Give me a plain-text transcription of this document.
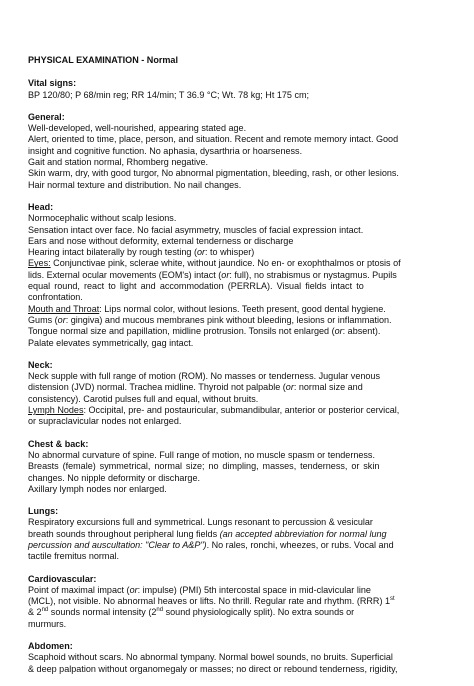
PHYSICAL EXAMINATION - Normal

Vital signs:

BP 120/80; P 68/min reg; RR 14/min; T 36.9 °C; Wt. 78 kg; Ht 175 cm;

General:

Well-developed, well-nourished, appearing stated age.

Alert, oriented to time, place, person, and situation. Recent and remote memory intact. Good

insight and cognitive function. No aphasia, dysarthria or hoarseness.

Gait and station normal, Rhomberg negative.

Skin warm, dry, with good turgor, No abnormal pigmentation, bleeding, rash, or other lesions.

Hair normal texture and distribution. No nail changes.

Head:

Normocephalic without scalp lesions.

Sensation intact over face. No facial asymmetry, muscles of facial expression intact.

Ears and nose without deformity, external tenderness or discharge

Hearing intact bilaterally by rough testing (or: to whisper)

Eyes: Conjunctivae pink, sclerae white, without jaundice. No en- or exophthalmos or ptosis of

lids. External ocular movements (EOM's) intact (or: full), no strabismus or nystagmus. Pupils

equal round, react to light and accommodation (PERRLA). Visual fields intact to

confrontation.

Mouth and Throat: Lips normal color, without lesions. Teeth present, good dental hygiene.

Gums (or: gingiva) and mucous membranes pink without bleeding, lesions or inflammation.

Tongue normal size and papillation, midline protrusion. Tonsils not enlarged (or: absent).

Palate elevates symmetrically, gag intact.

Neck:

Neck supple with full range of motion (ROM). No masses or tenderness. Jugular venous

distension (JVD) normal. Trachea midline. Thyroid not palpable (or: normal size and

consistency). Carotid pulses full and equal, without bruits.

Lymph Nodes: Occipital, pre- and postauricular, submandibular, anterior or posterior cervical,

or supraclavicular nodes not enlarged.

Chest & back:

No abnormal curvature of spine. Full range of motion, no muscle spasm or tenderness.

Breasts (female) symmetrical, normal size; no dimpling, masses, tenderness, or skin

changes. No nipple deformity or discharge.

Axillary lymph nodes nor enlarged.

Lungs:

Respiratory excursions full and symmetrical. Lungs resonant to percussion & vesicular

breath sounds throughout peripheral lung fields (an accepted abbreviation for normal lung

percussion and auscultation: "Clear to A&P"). No rales, ronchi, wheezes, or rubs. Vocal and

tactile fremitus normal.

Cardiovascular:

Point of maximal impact (or: impulse) (PMI) 5th intercostal space in mid-clavicular line

(MCL), not visible. No abnormal heaves or lifts. No thrill. Regular rate and rhythm. (RRR) 1st

& 2nd sounds normal intensity (2nd sound physiologically split). No extra sounds or

murmurs.

Abdomen:

Scaphoid without scars. No abnormal tympany. Normal bowel sounds, no bruits. Superficial

& deep palpation without organomegaly or masses; no direct or rebound tenderness, rigidity,
